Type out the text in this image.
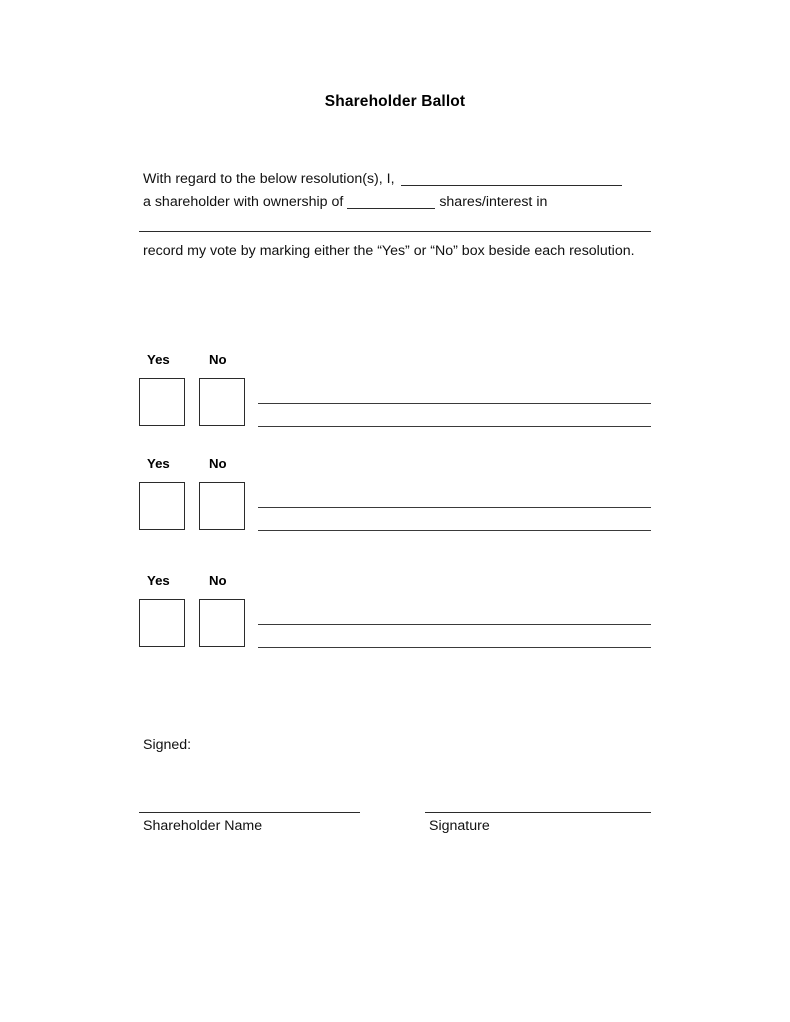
Shareholder Ballot
With regard to the below resolution(s), I,
a shareholder with ownership of	shares/interest in
record my vote by marking either the “Yes” or “No” box beside each resolution.
Yes	No
Yes	No
Yes	No
Signed:
Shareholder Name	Signature
